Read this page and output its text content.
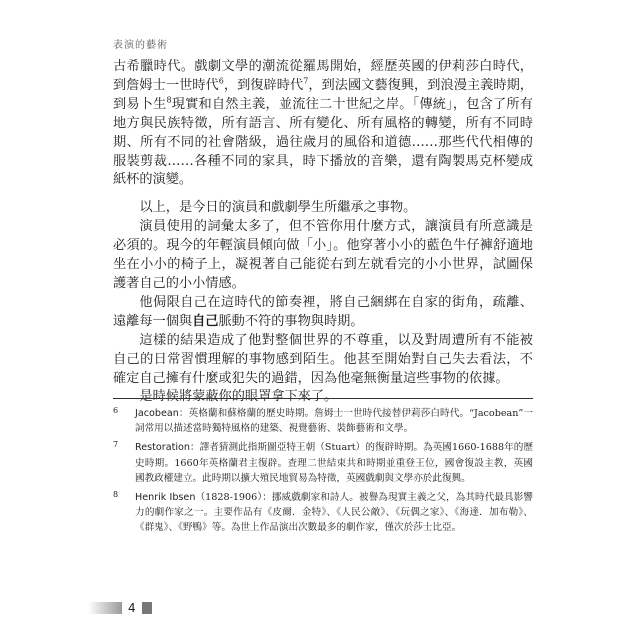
表演的藝術

古希臘時代。戲劇文學的潮流從羅馬開始，經歷英國的伊莉莎白時代，到詹姆士一世時代$^6$，到復辟時代$^7$，到法國文藝復興，到浪漫主義時期，到易卜生$^8$現實和自然主義，並流往二十世紀之岸。「傳統」，包含了所有地方與民族特徵，所有語言、所有變化、所有風格的轉變，所有不同時期、所有不同的社會階級，過往歲月的風俗和道德……那些代代相傳的服裝剪裁……各種不同的家具，時下播放的音樂，還有陶製馬克杯變成紙杯的演變。

以上，是今日的演員和戲劇學生所繼承之事物。

演員使用的詞彙太多了，但不管你用什麼方式，讓演員有所意識是必須的。現今的年輕演員傾向做「小」。他穿著小小的藍色牛仔褲舒適地坐在小小的椅子上，凝視著自己能從右到左就看完的小小世界，試圖保護著自己的小小情感。

他侷限自己在這時代的節奏裡，將自己綑綁在自家的街角，疏離、遠離每一個與自己脈動不符的事物與時期。

這樣的結果造成了他對整個世界的不尊重，以及對周遭所有不能被自己的日常習慣理解的事物感到陌生。他甚至開始對自己失去看法，不確定自己擁有什麼或犯失的過錯，因為他毫無衡量這些事物的依據。

是時候將蒙蔽你的眼罩拿下來了。

6 Jacobean：英格蘭和蘇格蘭的歷史時期。詹姆士一世時代接替伊莉莎白時代。“Jacobean”一詞常用以描述當時獨特風格的建築、視覺藝術、裝飾藝術和文學。
7 Restoration：譯者猜測此指斯圖亞特王朝（Stuart）的復辟時期。為英國1660-1688年的歷史時期。1660年英格蘭君主復辟。查理二世結束共和時期並重登王位，國會復設主教，英國國教政權建立。此時期以擴大殖民地貿易為特徵，英國戲劇與文學亦於此復興。
8 Henrik Ibsen（1828-1906）：挪威戲劇家和詩人。被譽為現實主義之父，為其時代最具影響力的劇作家之一。主要作品有《皮爾．金特》、《人民公敵》、《玩偶之家》、《海達．加布勒》、《群鬼》、《野鴨》等。為世上作品演出次數最多的劇作家，僅次於莎士比亞。
4
